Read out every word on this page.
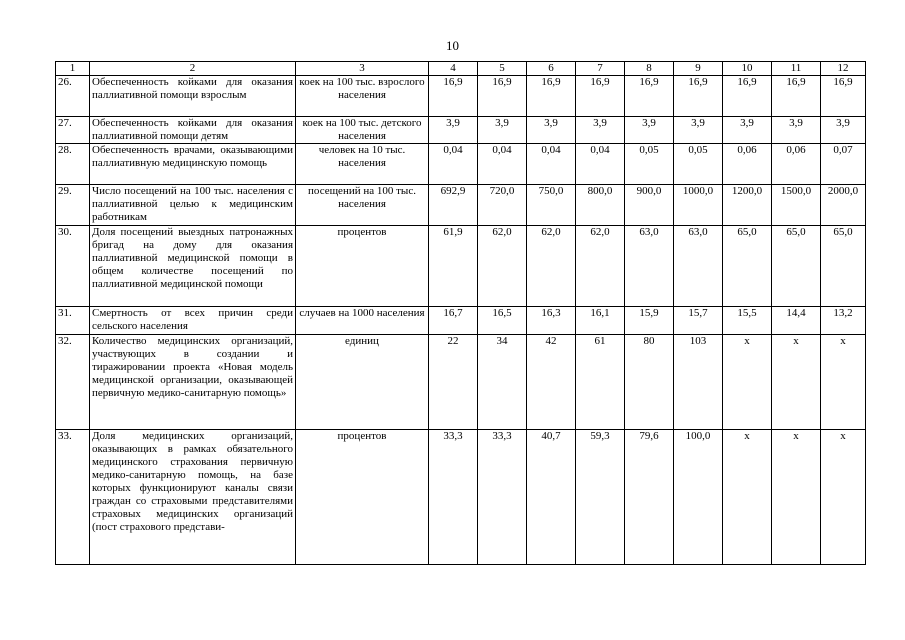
10
1	2	3	4	5	6	7	8	9	10	11	12
26.	Обеспеченность койками для оказания паллиативной помощи взрослым	коек на 100 тыс. взрослого населения	16,9	16,9	16,9	16,9	16,9	16,9	16,9	16,9	16,9
27.	Обеспеченность койками для оказания паллиативной помощи детям	коек на 100 тыс. детского населения	3,9	3,9	3,9	3,9	3,9	3,9	3,9	3,9	3,9
28.	Обеспеченность врачами, оказывающими паллиативную медицинскую помощь	человек на 10 тыс. населения	0,04	0,04	0,04	0,04	0,05	0,05	0,06	0,06	0,07
29.	Число посещений на 100 тыс. населения с паллиативной целью к медицинским работникам	посещений на 100 тыс. населения	692,9	720,0	750,0	800,0	900,0	1000,0	1200,0	1500,0	2000,0
30.	Доля посещений выездных патронажных бригад на дому для оказания паллиативной медицинской помощи в общем количестве посещений по паллиативной медицинской помощи	процентов	61,9	62,0	62,0	62,0	63,0	63,0	65,0	65,0	65,0
31.	Смертность от всех причин среди сельского населения	случаев на 1000 населения	16,7	16,5	16,3	16,1	15,9	15,7	15,5	14,4	13,2
32.	Количество медицинских организаций, участвующих в создании и тиражировании проекта «Новая модель медицинской организации, оказывающей первичную медико-санитарную помощь»	единиц	22	34	42	61	80	103	х	х	х
33.	Доля медицинских организаций, оказывающих в рамках обязательного медицинского страхования первичную медико-санитарную помощь, на базе которых функционируют каналы связи граждан со страховыми представителями страховых медицинских организаций (пост страхового представи-	процентов	33,3	33,3	40,7	59,3	79,6	100,0	х	х	х
